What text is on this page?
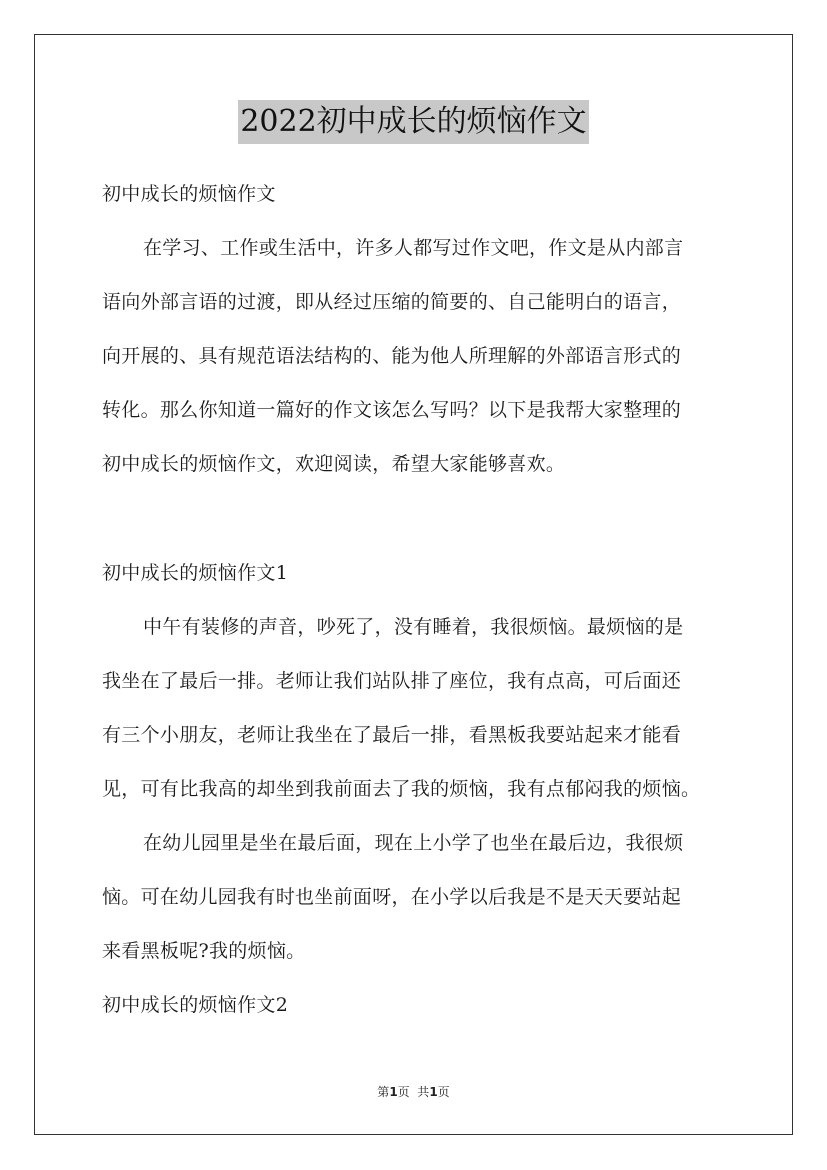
2022初中成长的烦恼作文
初中成长的烦恼作文
在学习、工作或生活中，许多人都写过作文吧，作文是从内部言
语向外部言语的过渡，即从经过压缩的简要的、自己能明白的语言，
向开展的、具有规范语法结构的、能为他人所理解的外部语言形式的
转化。那么你知道一篇好的作文该怎么写吗？以下是我帮大家整理的
初中成长的烦恼作文，欢迎阅读，希望大家能够喜欢。
初中成长的烦恼作文1
中午有装修的声音，吵死了，没有睡着，我很烦恼。最烦恼的是
我坐在了最后一排。老师让我们站队排了座位，我有点高，可后面还
有三个小朋友，老师让我坐在了最后一排，看黑板我要站起来才能看
见，可有比我高的却坐到我前面去了我的烦恼，我有点郁闷我的烦恼。
在幼儿园里是坐在最后面，现在上小学了也坐在最后边，我很烦
恼。可在幼儿园我有时也坐前面呀，在小学以后我是不是天天要站起
来看黑板呢?我的烦恼。
初中成长的烦恼作文2
第1页  共1页
